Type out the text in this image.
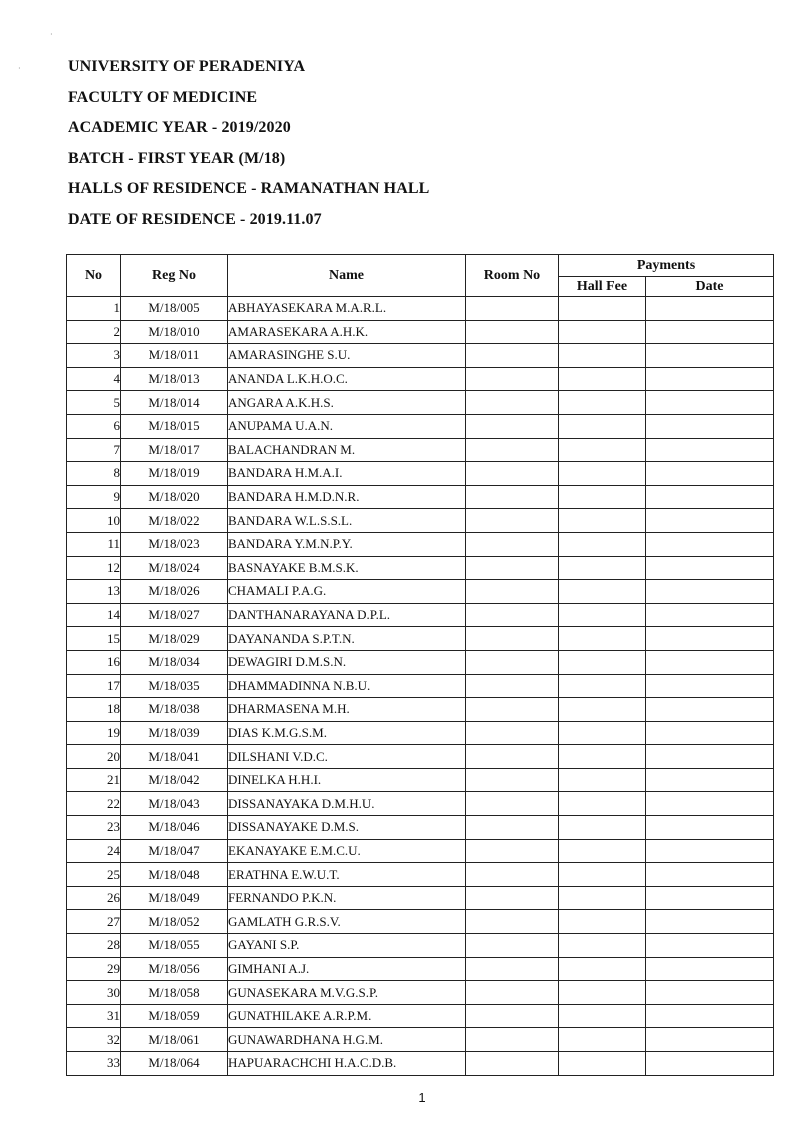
·
·	UNIVERSITY OF PERADENIYA
FACULTY OF MEDICINE
ACADEMIC YEAR - 2019/2020
BATCH - FIRST YEAR (M/18)
HALLS OF RESIDENCE - RAMANATHAN HALL
DATE OF RESIDENCE - 2019.11.07
No	Reg No	Name	Room No	Payments	
				Hall Fee	Date
1	M/18/005	ABHAYASEKARA M.A.R.L.			
2	M/18/010	AMARASEKARA A.H.K.			
3	M/18/011	AMARASINGHE S.U.			
4	M/18/013	ANANDA L.K.H.O.C.			
5	M/18/014	ANGARA A.K.H.S.			
6	M/18/015	ANUPAMA U.A.N.			
7	M/18/017	BALACHANDRAN M.			
8	M/18/019	BANDARA H.M.A.I.			
9	M/18/020	BANDARA H.M.D.N.R.			
10	M/18/022	BANDARA W.L.S.S.L.			
11	M/18/023	BANDARA Y.M.N.P.Y.			
12	M/18/024	BASNAYAKE B.M.S.K.			
13	M/18/026	CHAMALI P.A.G.			
14	M/18/027	DANTHANARAYANA D.P.L.			
15	M/18/029	DAYANANDA S.P.T.N.			
16	M/18/034	DEWAGIRI D.M.S.N.			
17	M/18/035	DHAMMADINNA N.B.U.			
18	M/18/038	DHARMASENA M.H.			
19	M/18/039	DIAS K.M.G.S.M.			
20	M/18/041	DILSHANI V.D.C.			
21	M/18/042	DINELKA H.H.I.			
22	M/18/043	DISSANAYAKA D.M.H.U.			
23	M/18/046	DISSANAYAKE D.M.S.			
24	M/18/047	EKANAYAKE E.M.C.U.			
25	M/18/048	ERATHNA E.W.U.T.			
26	M/18/049	FERNANDO P.K.N.			
27	M/18/052	GAMLATH G.R.S.V.			
28	M/18/055	GAYANI S.P.			
29	M/18/056	GIMHANI A.J.			
30	M/18/058	GUNASEKARA M.V.G.S.P.			
31	M/18/059	GUNATHILAKE A.R.P.M.			
32	M/18/061	GUNAWARDHANA H.G.M.			
33	M/18/064	HAPUARACHCHI H.A.C.D.B.			
1
